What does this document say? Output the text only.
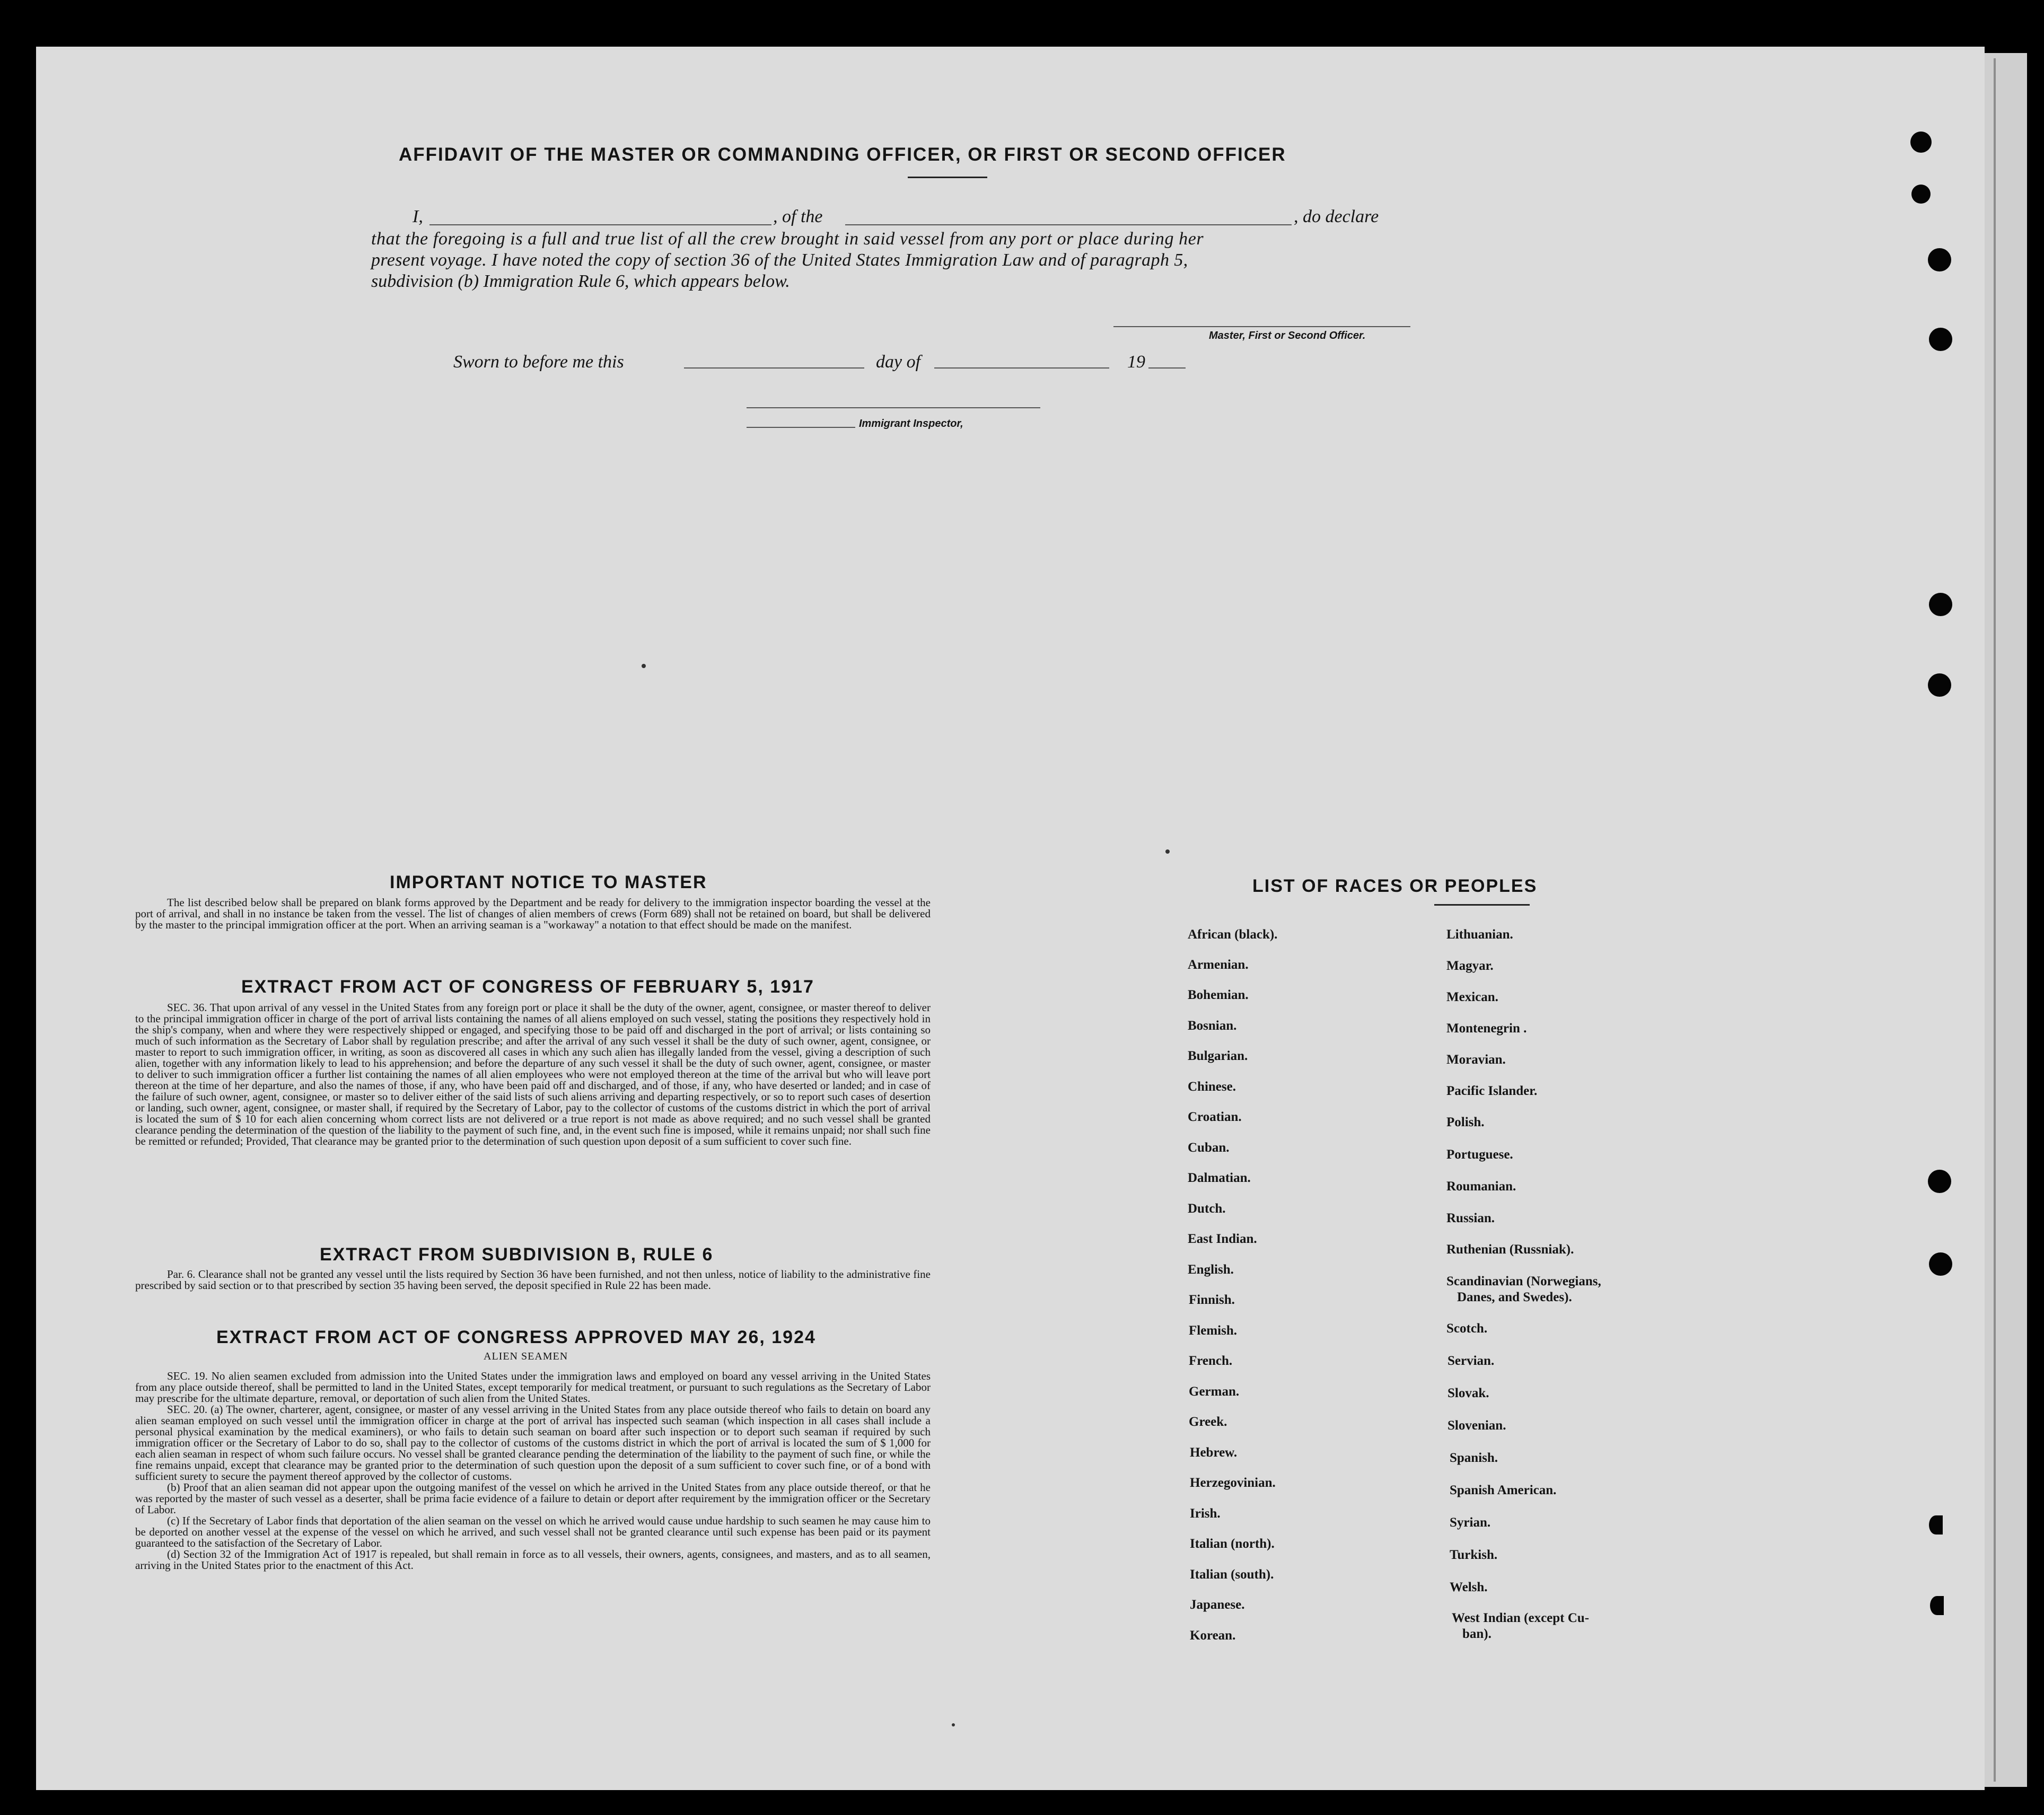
AFFIDAVIT OF THE MASTER OR COMMANDING OFFICER, OR FIRST OR SECOND OFFICER
I,	, of the	, do declare
that the foregoing is a full and true list of all the crew brought in said vessel from any port or place during her
present voyage. I have noted the copy of section 36 of the United States Immigration Law and of paragraph 5,
subdivision (b) Immigration Rule 6, which appears below.
Master, First or Second Officer.
Sworn to before me this	day of	19
Immigrant Inspector,
IMPORTANT NOTICE TO MASTER

The list described below shall be prepared on blank forms approved by the Department and be ready for delivery to the immigration inspector boarding the vessel at the port of arrival, and shall in no instance be taken from the vessel. The list of changes of alien members of crews (Form 689) shall not be retained on board, but shall be delivered by the master to the principal immigration officer at the port. When an arriving seaman is a "workaway" a notation to that effect should be made on the manifest.

EXTRACT FROM ACT OF CONGRESS OF FEBRUARY 5, 1917

SEC. 36. That upon arrival of any vessel in the United States from any foreign port or place it shall be the duty of the owner, agent, consignee, or master thereof to deliver to the principal immigration officer in charge of the port of arrival lists containing the names of all aliens employed on such vessel, stating the positions they respectively hold in the ship's company, when and where they were respectively shipped or engaged, and specifying those to be paid off and discharged in the port of arrival; or lists containing so much of such information as the Secretary of Labor shall by regulation prescribe; and after the arrival of any such vessel it shall be the duty of such owner, agent, consignee, or master to report to such immigration officer, in writing, as soon as discovered all cases in which any such alien has illegally landed from the vessel, giving a description of such alien, together with any information likely to lead to his apprehension; and before the departure of any such vessel it shall be the duty of such owner, agent, consignee, or master to deliver to such immigration officer a further list containing the names of all alien employees who were not employed thereon at the time of the arrival but who will leave port thereon at the time of her departure, and also the names of those, if any, who have been paid off and discharged, and of those, if any, who have deserted or landed; and in case of the failure of such owner, agent, consignee, or master so to deliver either of the said lists of such aliens arriving and departing respectively, or so to report such cases of desertion or landing, such owner, agent, consignee, or master shall, if required by the Secretary of Labor, pay to the collector of customs of the customs district in which the port of arrival is located the sum of $ 10 for each alien concerning whom correct lists are not delivered or a true report is not made as above required; and no such vessel shall be granted clearance pending the determination of the question of the liability to the payment of such fine, and, in the event such fine is imposed, while it remains unpaid; nor shall such fine be remitted or refunded; Provided, That clearance may be granted prior to the determination of such question upon deposit of a sum sufficient to cover such fine.

EXTRACT FROM SUBDIVISION B, RULE 6

Par. 6. Clearance shall not be granted any vessel until the lists required by Section 36 have been furnished, and not then unless, notice of liability to the administrative fine prescribed by said section or to that prescribed by section 35 having been served, the deposit specified in Rule 22 has been made.

EXTRACT FROM ACT OF CONGRESS APPROVED MAY 26, 1924
ALIEN SEAMEN

SEC. 19. No alien seamen excluded from admission into the United States under the immigration laws and employed on board any vessel arriving in the United States from any place outside thereof, shall be permitted to land in the United States, except temporarily for medical treatment, or pursuant to such regulations as the Secretary of Labor may prescribe for the ultimate departure, removal, or deportation of such alien from the United States.

SEC. 20. (a) The owner, charterer, agent, consignee, or master of any vessel arriving in the United States from any place outside thereof who fails to detain on board any alien seaman employed on such vessel until the immigration officer in charge at the port of arrival has inspected such seaman (which inspection in all cases shall include a personal physical examination by the medical examiners), or who fails to detain such seaman on board after such inspection or to deport such seaman if required by such immigration officer or the Secretary of Labor to do so, shall pay to the collector of customs of the customs district in which the port of arrival is located the sum of $ 1,000 for each alien seaman in respect of whom such failure occurs. No vessel shall be granted clearance pending the determination of the liability to the payment of such fine, or while the fine remains unpaid, except that clearance may be granted prior to the determination of such question upon the deposit of a sum sufficient to cover such fine, or of a bond with sufficient surety to secure the payment thereof approved by the collector of customs.

(b) Proof that an alien seaman did not appear upon the outgoing manifest of the vessel on which he arrived in the United States from any place outside thereof, or that he was reported by the master of such vessel as a deserter, shall be prima facie evidence of a failure to detain or deport after requirement by the immigration officer or the Secretary of Labor.

(c) If the Secretary of Labor finds that deportation of the alien seaman on the vessel on which he arrived would cause undue hardship to such seamen he may cause him to be deported on another vessel at the expense of the vessel on which he arrived, and such vessel shall not be granted clearance until such expense has been paid or its payment guaranteed to the satisfaction of the Secretary of Labor.

(d) Section 32 of the Immigration Act of 1917 is repealed, but shall remain in force as to all vessels, their owners, agents, consignees, and masters, and as to all seamen, arriving in the United States prior to the enactment of this Act.

LIST OF RACES OR PEOPLES
African (black).
Armenian.
Bohemian.
Bosnian.
Bulgarian.
Chinese.
Croatian.
Cuban.
Dalmatian.
Dutch.
East Indian.
English.
Finnish.
Flemish.
French.
German.
Greek.
Hebrew.
Herzegovinian.
Irish.
Italian (north).
Italian (south).
Japanese.
Korean.
Lithuanian.
Magyar.
Mexican.
Montenegrin .
Moravian.
Pacific Islander.
Polish.
Portuguese.
Roumanian.
Russian.
Ruthenian (Russniak).
Scandinavian (Norwegians,
Danes, and Swedes).
Scotch.
Servian.
Slovak.
Slovenian.
Spanish.
Spanish American.
Syrian.
Turkish.
Welsh.
West Indian (except Cu-
ban).
